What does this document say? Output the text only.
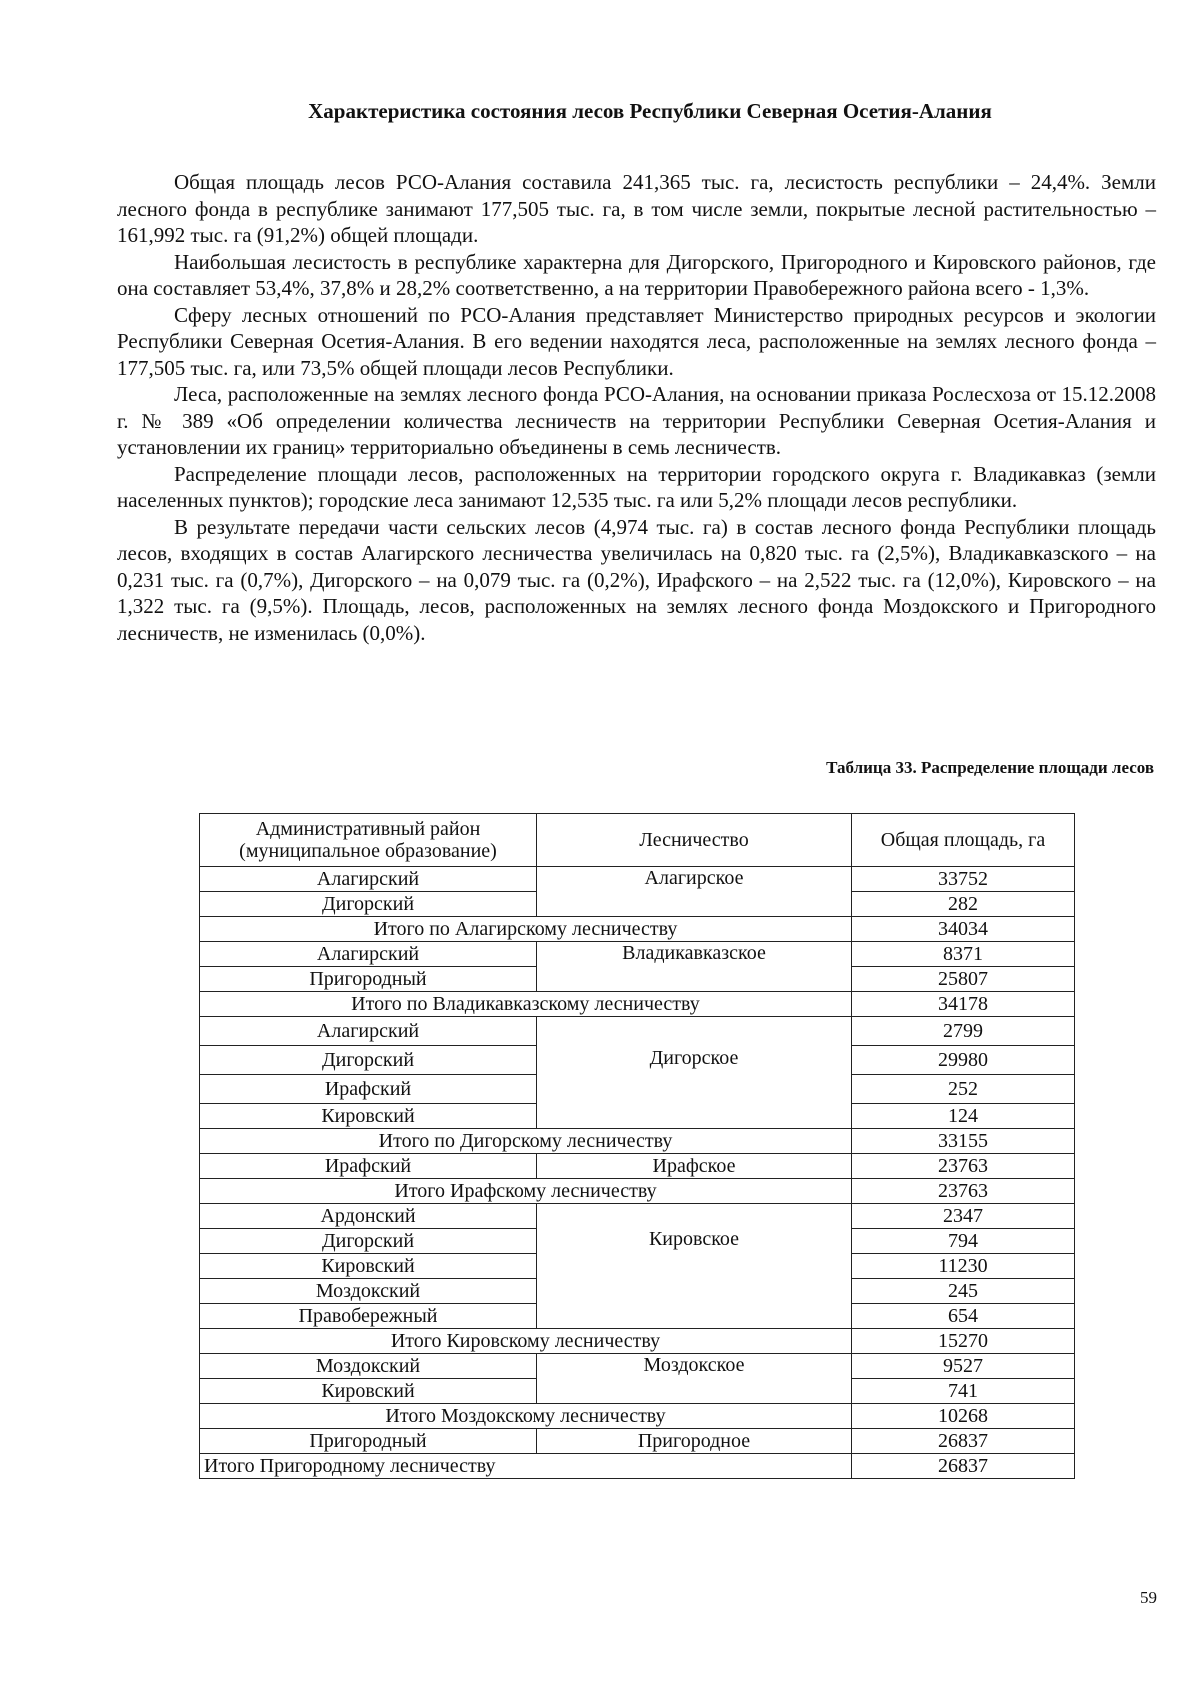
Характеристика состояния лесов Республики Северная Осетия-Алания

Общая площадь лесов РСО-Алания составила 241,365 тыс. га, лесистость республики – 24,4%. Земли лесного фонда в республике занимают 177,505 тыс. га, в том числе земли, покрытые лесной растительностью – 161,992 тыс. га (91,2%) общей площади.

Наибольшая лесистость в республике характерна для Дигорского, Пригородного и Кировского районов, где она составляет 53,4%, 37,8% и 28,2% соответственно, а на территории Правобережного района всего - 1,3%.

Сферу лесных отношений по РСО-Алания представляет Министерство природных ресурсов и экологии Республики Северная Осетия-Алания. В его ведении находятся леса, расположенные на землях лесного фонда – 177,505 тыс. га, или 73,5% общей площади лесов Республики.

Леса, расположенные на землях лесного фонда РСО-Алания, на основании приказа Рослесхоза от 15.12.2008 г. № 389 «Об определении количества лесничеств на территории Республики Северная Осетия-Алания и установлении их границ» территориально объединены в семь лесничеств.

Распределение площади лесов, расположенных на территории городского округа г. Владикавказ (земли населенных пунктов); городские леса занимают 12,535 тыс. га или 5,2% площади лесов республики.

В результате передачи части сельских лесов (4,974 тыс. га) в состав лесного фонда Республики площадь лесов, входящих в состав Алагирского лесничества увеличилась на 0,820 тыс. га (2,5%), Владикавказского – на 0,231 тыс. га (0,7%), Дигорского – на 0,079 тыс. га (0,2%), Ирафского – на 2,522 тыс. га (12,0%), Кировского – на 1,322 тыс. га (9,5%). Площадь, лесов, расположенных на землях лесного фонда Моздокского и Пригородного лесничеств, не изменилась (0,0%).

Таблица 33. Распределение площади лесов
Административный район
(муниципальное образование)	Лесничество	Общая площадь, га
Алагирский	Алагирское	33752
Дигорский		282
Итого по Алагирскому лесничеству		34034
Алагирский	Владикавказское	8371
Пригородный		25807
Итого по Владикавказскому лесничеству		34178
Алагирский	Дигорское	2799
Дигорский		29980
Ирафский		252
Кировский		124
Итого по Дигорскому лесничеству		33155
Ирафский	Ирафское	23763
Итого Ирафскому лесничеству		23763
Ардонский	Кировское	2347
Дигорский		794
Кировский		11230
Моздокский		245
Правобережный		654
Итого Кировскому лесничеству		15270
Моздокский	Моздокское	9527
Кировский		741
Итого Моздокскому лесничеству		10268
Пригородный	Пригородное	26837
Итого Пригородному лесничеству		26837
59
